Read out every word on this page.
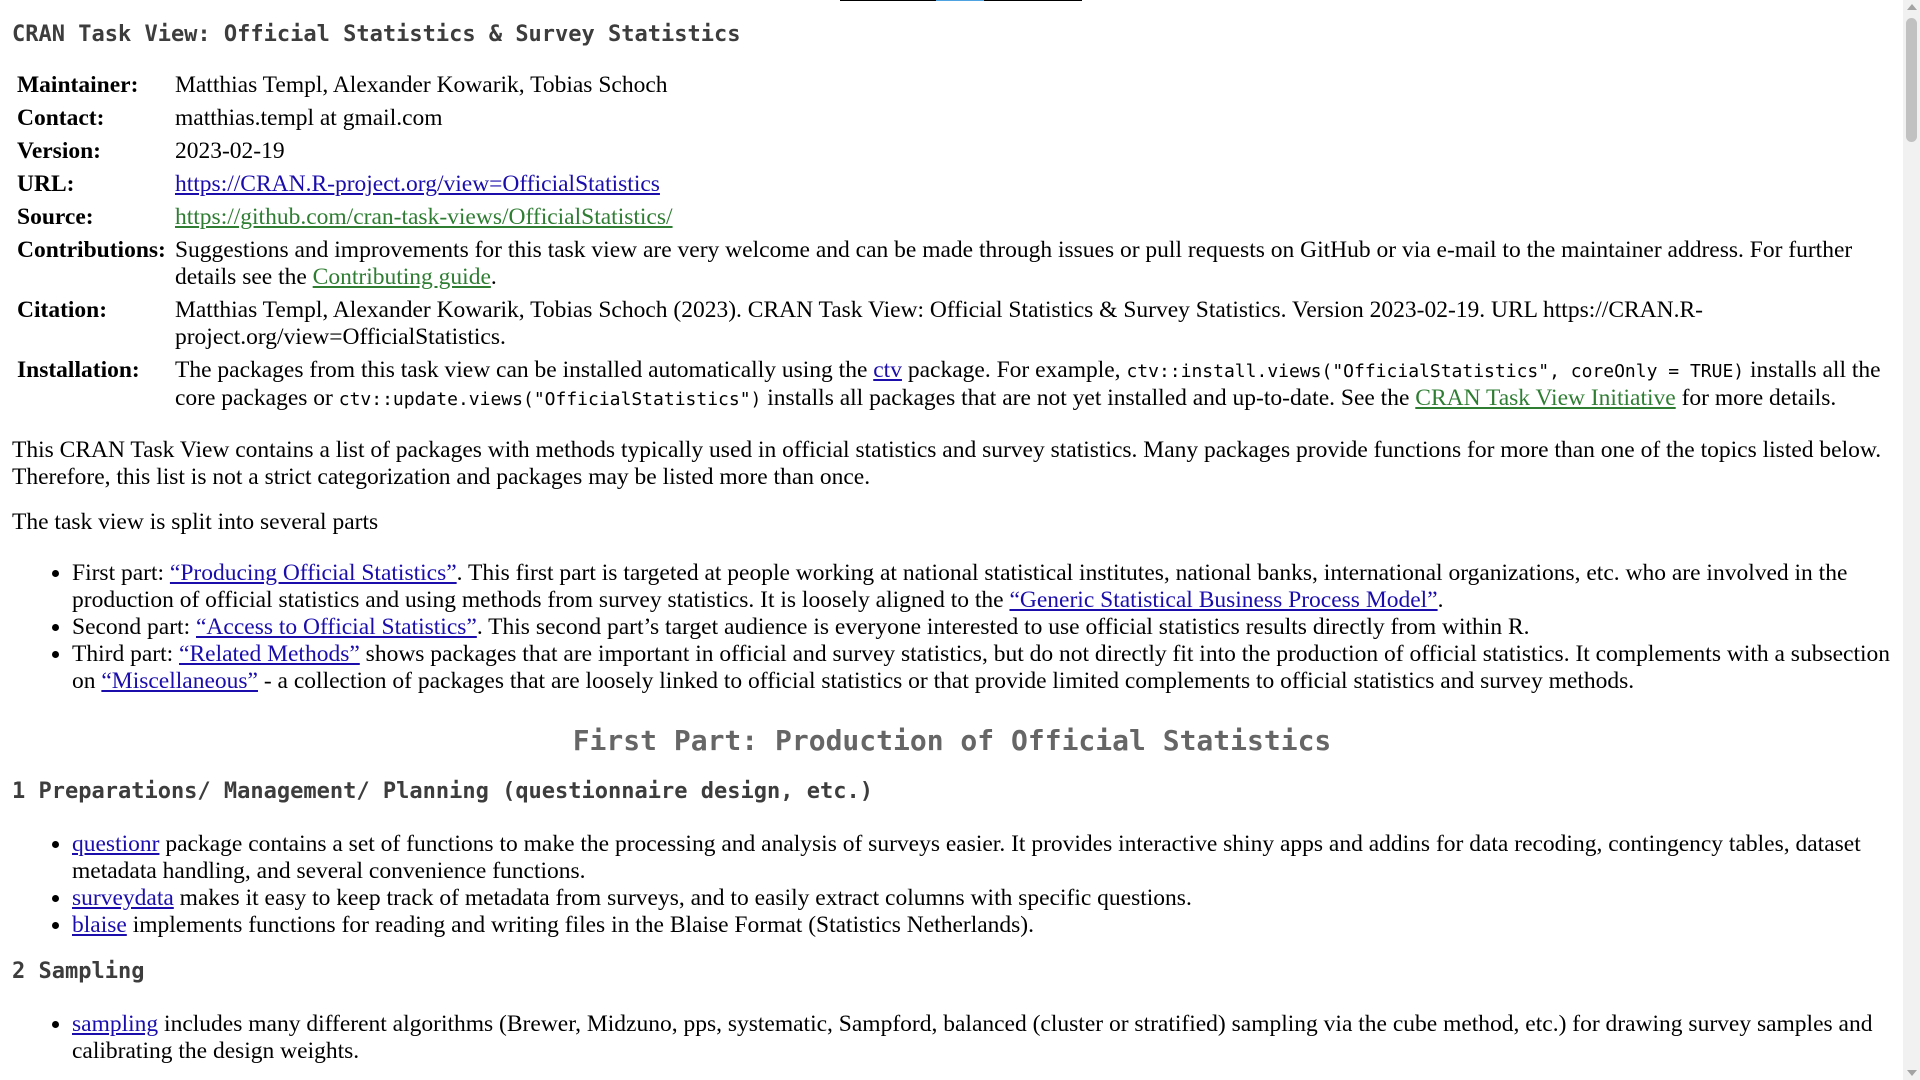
CRAN Task View: Official Statistics & Survey Statistics
Maintainer:	Matthias Templ, Alexander Kowarik, Tobias Schoch
Contact:	matthias.templ at gmail.com
Version:	2023-02-19
URL:	https://CRAN.R-project.org/view=OfficialStatistics
Source:	https://github.com/cran-task-views/OfficialStatistics/
Contributions:	Suggestions and improvements for this task view are very welcome and can be made through issues or pull requests on GitHub or via e-mail to the maintainer address. For further details see the Contributing guide.
Citation:	Matthias Templ, Alexander Kowarik, Tobias Schoch (2023). CRAN Task View: Official Statistics & Survey Statistics. Version 2023-02-19. URL https://CRAN.R-project.org/view=OfficialStatistics.
Installation:	The packages from this task view can be installed automatically using the ctv package. For example, ctv::install.views("OfficialStatistics", coreOnly = TRUE) installs all the core packages or ctv::update.views("OfficialStatistics") installs all packages that are not yet installed and up-to-date. See the CRAN Task View Initiative for more details.

This CRAN Task View contains a list of packages with methods typically used in official statistics and survey statistics. Many packages provide functions for more than one of the topics listed below. Therefore, this list is not a strict categorization and packages may be listed more than once.

The task view is split into several parts

• First part: “Producing Official Statistics”. This first part is targeted at people working at national statistical institutes, national banks, international organizations, etc. who are involved in the production of official statistics and using methods from survey statistics. It is loosely aligned to the “Generic Statistical Business Process Model”.
• Second part: “Access to Official Statistics”. This second part’s target audience is everyone interested to use official statistics results directly from within R.
• Third part: “Related Methods” shows packages that are important in official and survey statistics, but do not directly fit into the production of official statistics. It complements with a subsection on “Miscellaneous” - a collection of packages that are loosely linked to official statistics or that provide limited complements to official statistics and survey methods.
First Part: Production of Official Statistics
1 Preparations/ Management/ Planning (questionnaire design, etc.)
• questionr package contains a set of functions to make the processing and analysis of surveys easier. It provides interactive shiny apps and addins for data recoding, contingency tables, dataset metadata handling, and several convenience functions.
• surveydata makes it easy to keep track of metadata from surveys, and to easily extract columns with specific questions.
• blaise implements functions for reading and writing files in the Blaise Format (Statistics Netherlands).
2 Sampling
• sampling includes many different algorithms (Brewer, Midzuno, pps, systematic, Sampford, balanced (cluster or stratified) sampling via the cube method, etc.) for drawing survey samples and calibrating the design weights.
